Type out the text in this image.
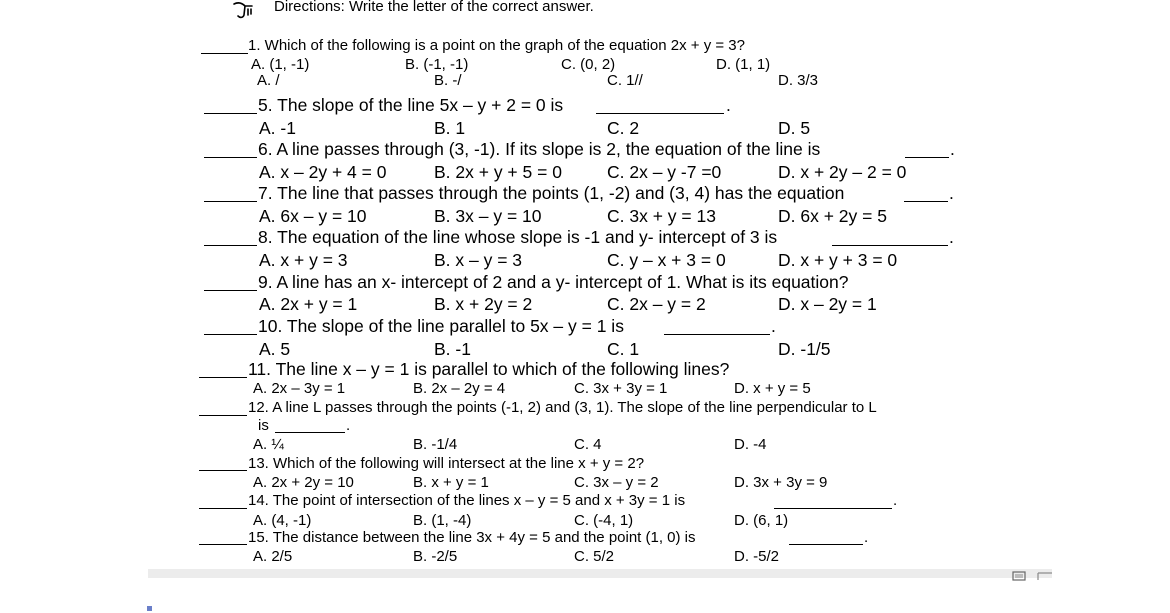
Directions: Write the letter of the correct answer.
1. Which of the following is a point on the graph of the equation 2x + y = 3?
A. (1, -1)	B. (-1, -1)	C. (0, 2)	D. (1, 1)
A. /	B. -/	C. 1//	D. 3/3
5. The slope of the line 5x – y + 2 = 0 is	.
A. -1	B. 1	C. 2	D. 5
6. A line passes through (3, -1). If its slope is 2, the equation of the line is	.
A. x – 2y + 4 = 0	B. 2x + y + 5 = 0	C. 2x – y -7 =0	D. x + 2y – 2 = 0
7. The line that passes through the points (1, -2) and (3, 4) has the equation	.
A. 6x – y = 10	B. 3x – y = 10	C. 3x + y = 13	D. 6x + 2y = 5
8. The equation of the line whose slope is -1 and y- intercept of 3 is	.
A. x + y = 3	B. x – y = 3	C. y – x + 3 = 0	D. x + y + 3 = 0
9. A line has an x- intercept of 2 and a y- intercept of 1. What is its equation?
A. 2x + y = 1	B. x + 2y = 2	C. 2x – y = 2	D. x – 2y = 1
10. The slope of the line parallel to 5x – y = 1 is	.
A. 5	B. -1	C. 1	D. -1/5
11. The line x – y = 1 is parallel to which of the following lines?
A. 2x – 3y = 1	B. 2x – 2y = 4	C. 3x + 3y = 1	D. x + y = 5
12. A line L passes through the points (-1, 2) and (3, 1). The slope of the line perpendicular to L
is	.
A. ¼	B. -1/4	C. 4	D. -4
13. Which of the following will intersect at the line x + y = 2?
A. 2x + 2y = 10	B. x + y = 1	C. 3x – y = 2	D. 3x + 3y = 9
14. The point of intersection of the lines x – y = 5 and x + 3y = 1 is	.
A. (4, -1)	B. (1, -4)	C. (-4, 1)	D. (6, 1)
15. The distance between the line 3x + 4y = 5 and the point (1, 0) is	.
A. 2/5	B. -2/5	C. 5/2	D. -5/2
